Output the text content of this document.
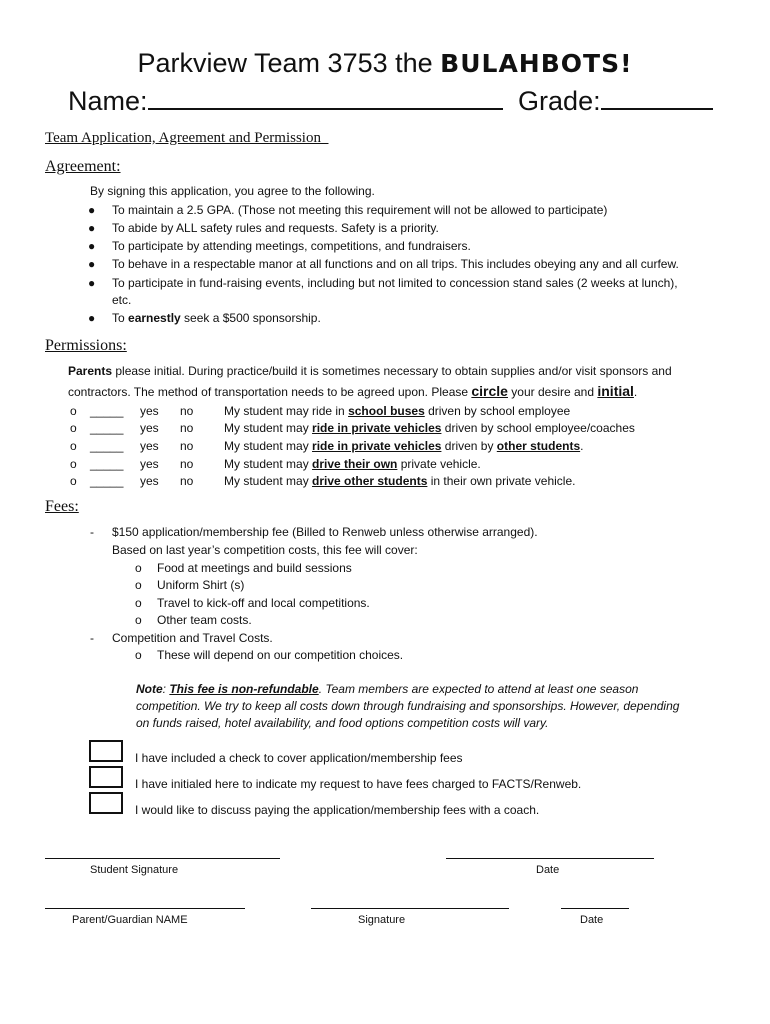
Parkview Team 3753 the BULAHBOTS!
Name:	Grade:
Team Application, Agreement and Permission
Agreement:
By signing this application, you agree to the following.
● To maintain a 2.5 GPA. (Those not meeting this requirement will not be allowed to participate)
● To abide by ALL safety rules and requests. Safety is a priority.
● To participate by attending meetings, competitions, and fundraisers.
● To behave in a respectable manor at all functions and on all trips. This includes obeying any and all curfew.
● To participate in fund-raising events, including but not limited to concession stand sales (2 weeks at lunch),
etc.
● To earnestly seek a $500 sponsorship.
Permissions:
Parents please initial. During practice/build it is sometimes necessary to obtain supplies and/or visit sponsors and
contractors. The method of transportation needs to be agreed upon. Please circle your desire and initial.
o _____ yes no	My student may ride in school buses driven by school employee
o _____ yes no	My student may ride in private vehicles driven by school employee/coaches
o _____ yes no	My student may ride in private vehicles driven by other students.
o _____ yes no	My student may drive their own private vehicle.
o _____ yes no	My student may drive other students in their own private vehicle.
Fees:
- $150 application/membership fee (Billed to Renweb unless otherwise arranged).
Based on last year’s competition costs, this fee will cover:
o Food at meetings and build sessions
o Uniform Shirt (s)
o Travel to kick-off and local competitions.
o Other team costs.
- Competition and Travel Costs.
o These will depend on our competition choices.
Note: This fee is non-refundable. Team members are expected to attend at least one season
competition. We try to keep all costs down through fundraising and sponsorships. However, depending
on funds raised, hotel availability, and food options competition costs will vary.
I have included a check to cover application/membership fees
I have initialed here to indicate my request to have fees charged to FACTS/Renweb.
I would like to discuss paying the application/membership fees with a coach.
Student Signature	Date
Parent/Guardian NAME	Signature	Date
